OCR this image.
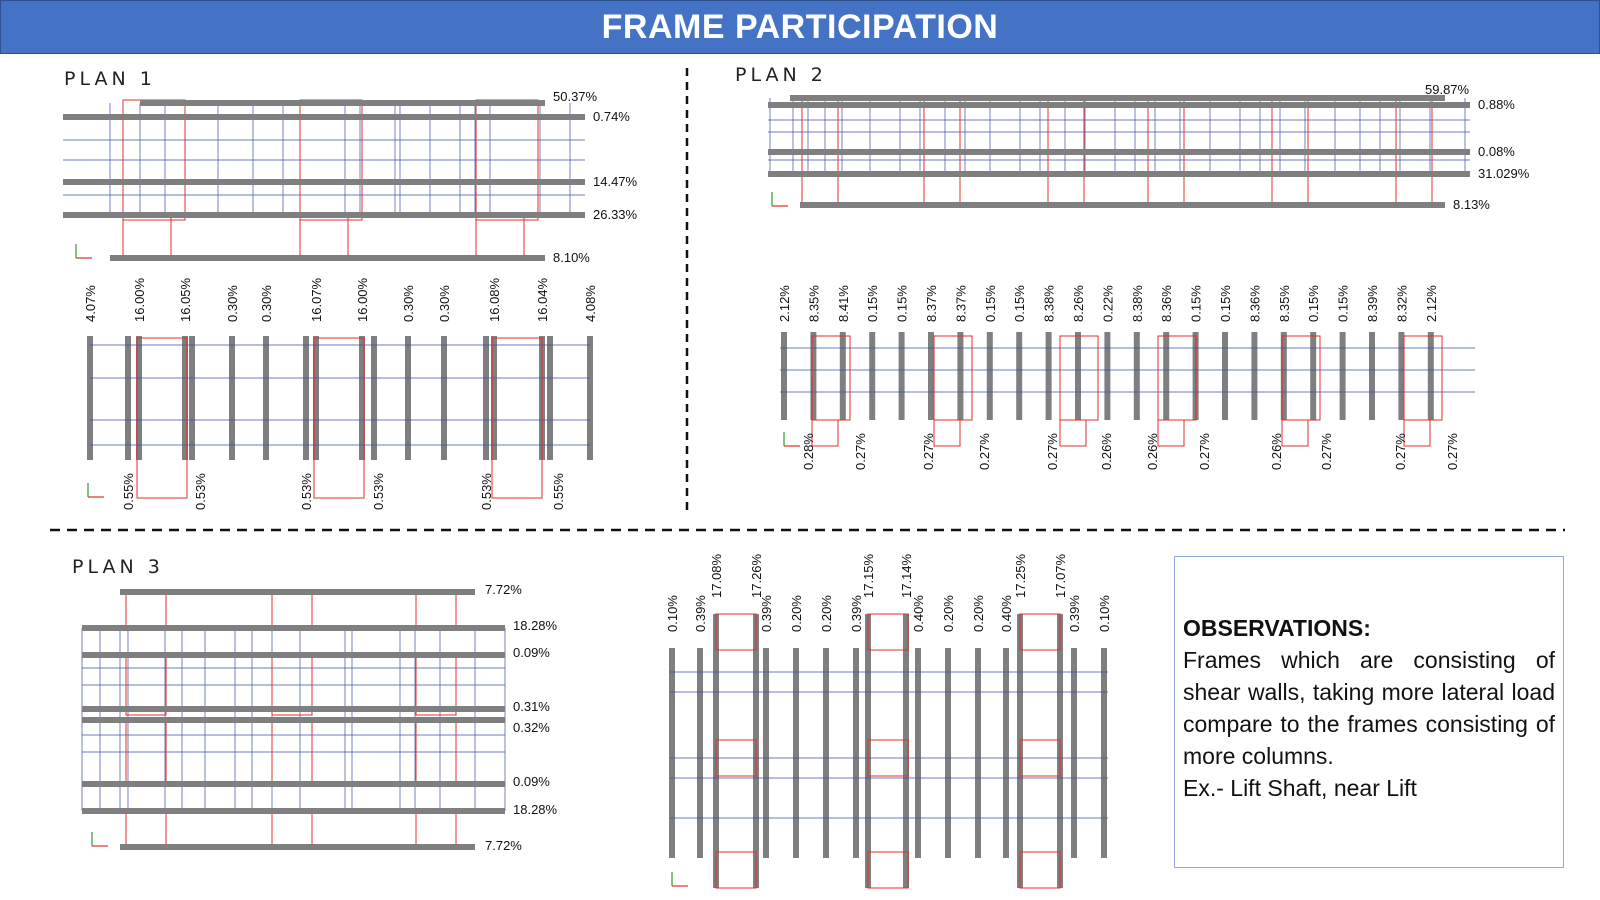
FRAME PARTICIPATION
PLAN 1	PLAN 2
PLAN 3
50.37%
0.74%
14.47%
26.33%
8.10%
4.07%	16.00% 16.05% 0.30% 0.30%	16.07% 16.00% 0.30% 0.30%	16.08%	16.04%	4.08%
0.55%	0.53%	0.53%	0.53%	0.53%	0.55%
59.87%
0.88%
0.08%
31.029%
8.13%
2.12% 8.35% 8.41% 0.15% 0.15% 8.37% 8.37% 0.15% 0.15% 8.38% 8.26% 0.22% 8.38% 8.36% 0.15% 0.15% 8.36% 8.35% 0.15% 0.15% 8.39% 8.32% 2.12%
0.28%	0.27%	0.27%	0.27%	0.27%	0.26% 0.26%	0.27%	0.26%	0.27%	0.27%	0.27%
7.72%
18.28%
0.09%
0.31%
0.32%
0.09%
18.28%
7.72%
0.10% 0.39%	0.39% 0.20% 0.20% 0.39%	0.40% 0.20% 0.20% 0.40%	0.39% 0.10%
17.08% 17.26%	17.15% 17.14%	17.25% 17.07%
OBSERVATIONS:
Frames which are consisting of shear walls, taking more lateral load compare to the frames consisting of more columns.
Ex.- Lift Shaft, near Lift
